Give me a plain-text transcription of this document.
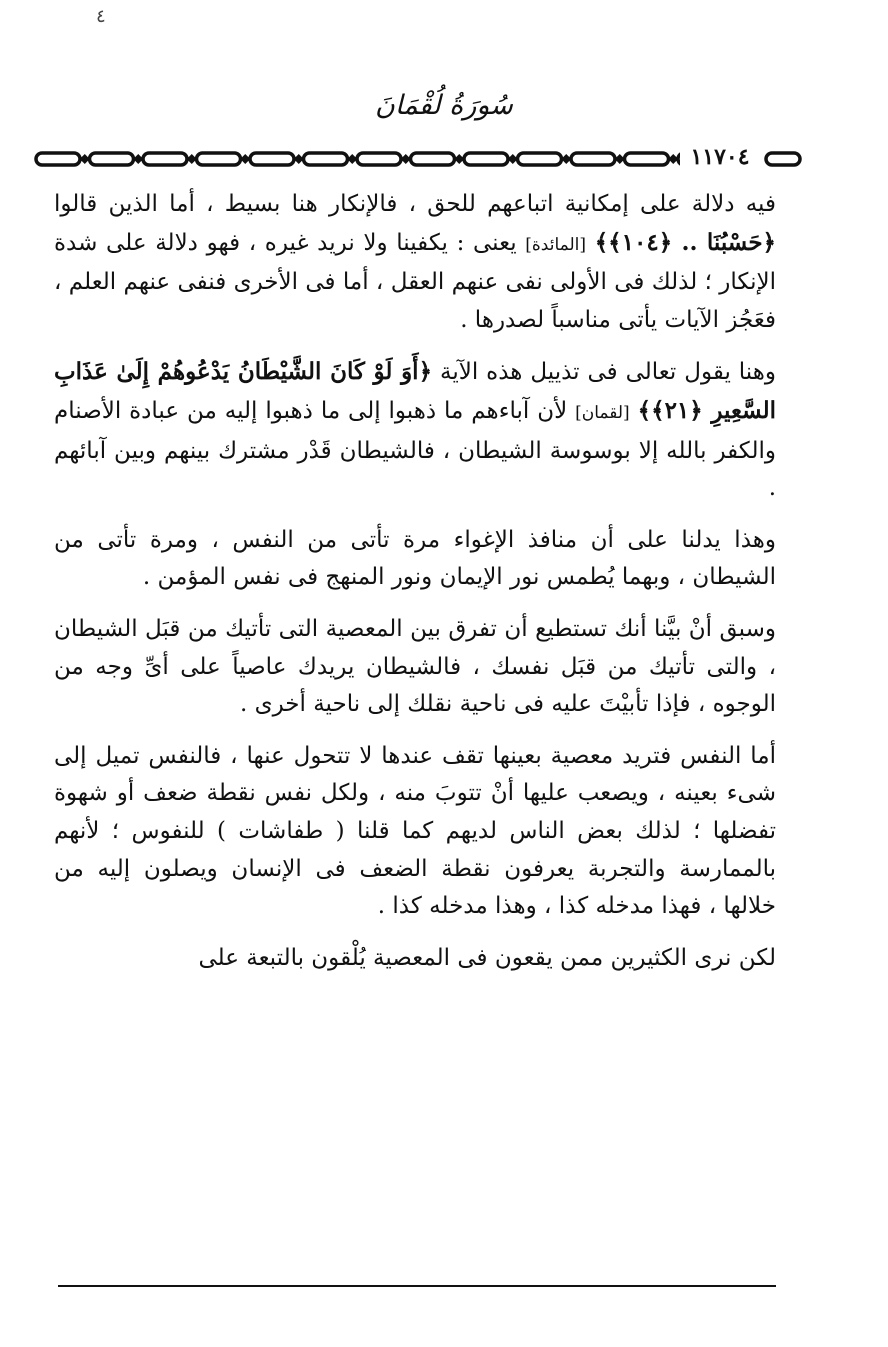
٤
سُورَةُ لُقْمَانَ
١١٧٠٤

فيه دلالة على إمكانية اتباعهم للحق ، فالإنكار هنا بسيط ، أما الذين قالوا ﴿حَسْبُنَا .. ﴿١٠٤﴾﴾ [المائدة] يعنى : يكفينا ولا نريد غيره ، فهو دلالة على شدة الإنكار ؛ لذلك فى الأولى نفى عنهم العقل ، أما فى الأخرى فنفى عنهم العلم ، فعَجُز الآيات يأتى مناسباً لصدرها .

وهنا يقول تعالى فى تذييل هذه الآية ﴿أَوَ لَوْ كَانَ الشَّيْطَانُ يَدْعُوهُمْ إِلَىٰ عَذَابِ السَّعِيرِ ﴿٢١﴾﴾ [لقمان] لأن آباءهم ما ذهبوا إلى ما ذهبوا إليه من عبادة الأصنام والكفر بالله إلا بوسوسة الشيطان ، فالشيطان قَدْر مشترك بينهم وبين آبائهم .

وهذا يدلنا على أن منافذ الإغواء مرة تأتى من النفس ، ومرة تأتى من الشيطان ، وبهما يُطمس نور الإيمان ونور المنهج فى نفس المؤمن .

وسبق أنْ بيَّنا أنك تستطيع أن تفرق بين المعصية التى تأتيك من قبَل الشيطان ، والتى تأتيك من قبَل نفسك ، فالشيطان يريدك عاصياً على أىِّ وجه من الوجوه ، فإذا تأبيْتَ عليه فى ناحية نقلك إلى ناحية أخرى .

أما النفس فتريد معصية بعينها تقف عندها لا تتحول عنها ، فالنفس تميل إلى شىء بعينه ، ويصعب عليها أنْ تتوبَ منه ، ولكل نفس نقطة ضعف أو شهوة تفضلها ؛ لذلك بعض الناس لديهم كما قلنا ( طفاشات ) للنفوس ؛ لأنهم بالممارسة والتجربة يعرفون نقطة الضعف فى الإنسان ويصلون إليه من خلالها ، فهذا مدخله كذا ، وهذا مدخله كذا .

لكن نرى الكثيرين ممن يقعون فى المعصية يُلْقون بالتبعة على
